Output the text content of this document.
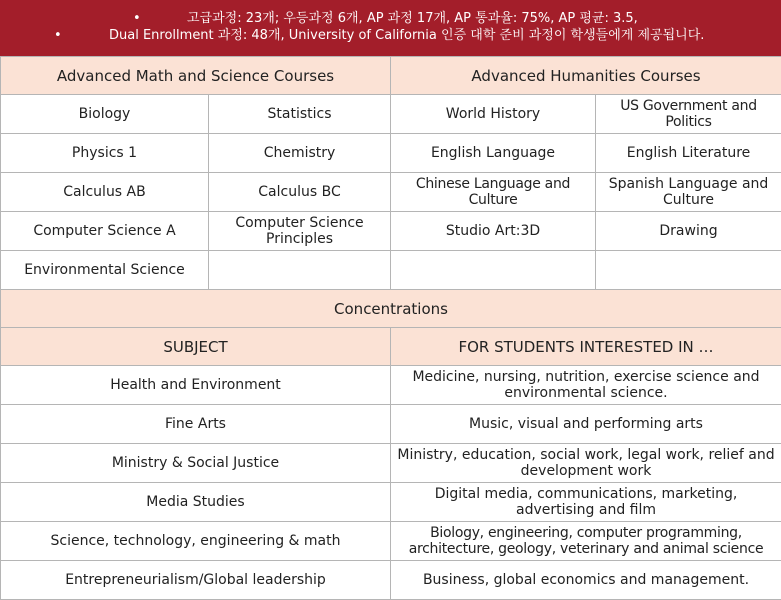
•	고급과정: 23개; 우등과정 6개, AP 과정 17개, AP 통과율: 75%, AP 평균: 3.5,
•	Dual Enrollment 과정: 48개, University of California 인증 대학 준비 과정이 학생들에게 제공됩니다.
Advanced Math and Science Courses		Advanced Humanities Courses	
Biology	Statistics	World History	US Government and Politics
Physics 1	Chemistry	English Language	English Literature
Calculus AB	Calculus BC	Chinese Language and Culture	Spanish Language and Culture
Computer Science A	Computer Science Principles	Studio Art:3D	Drawing
Environmental Science			
Concentrations			
SUBJECT		FOR STUDENTS INTERESTED IN …	
Health and Environment		Medicine, nursing, nutrition, exercise science and environmental science.	
Fine Arts		Music, visual and performing arts	
Ministry & Social Justice		Ministry, education, social work, legal work, relief and development work	
Media Studies		Digital media, communications, marketing, advertising and film	
Science, technology, engineering & math		Biology, engineering, computer programming, architecture, geology, veterinary and animal science	
Entrepreneurialism/Global leadership		Business, global economics and management.	
